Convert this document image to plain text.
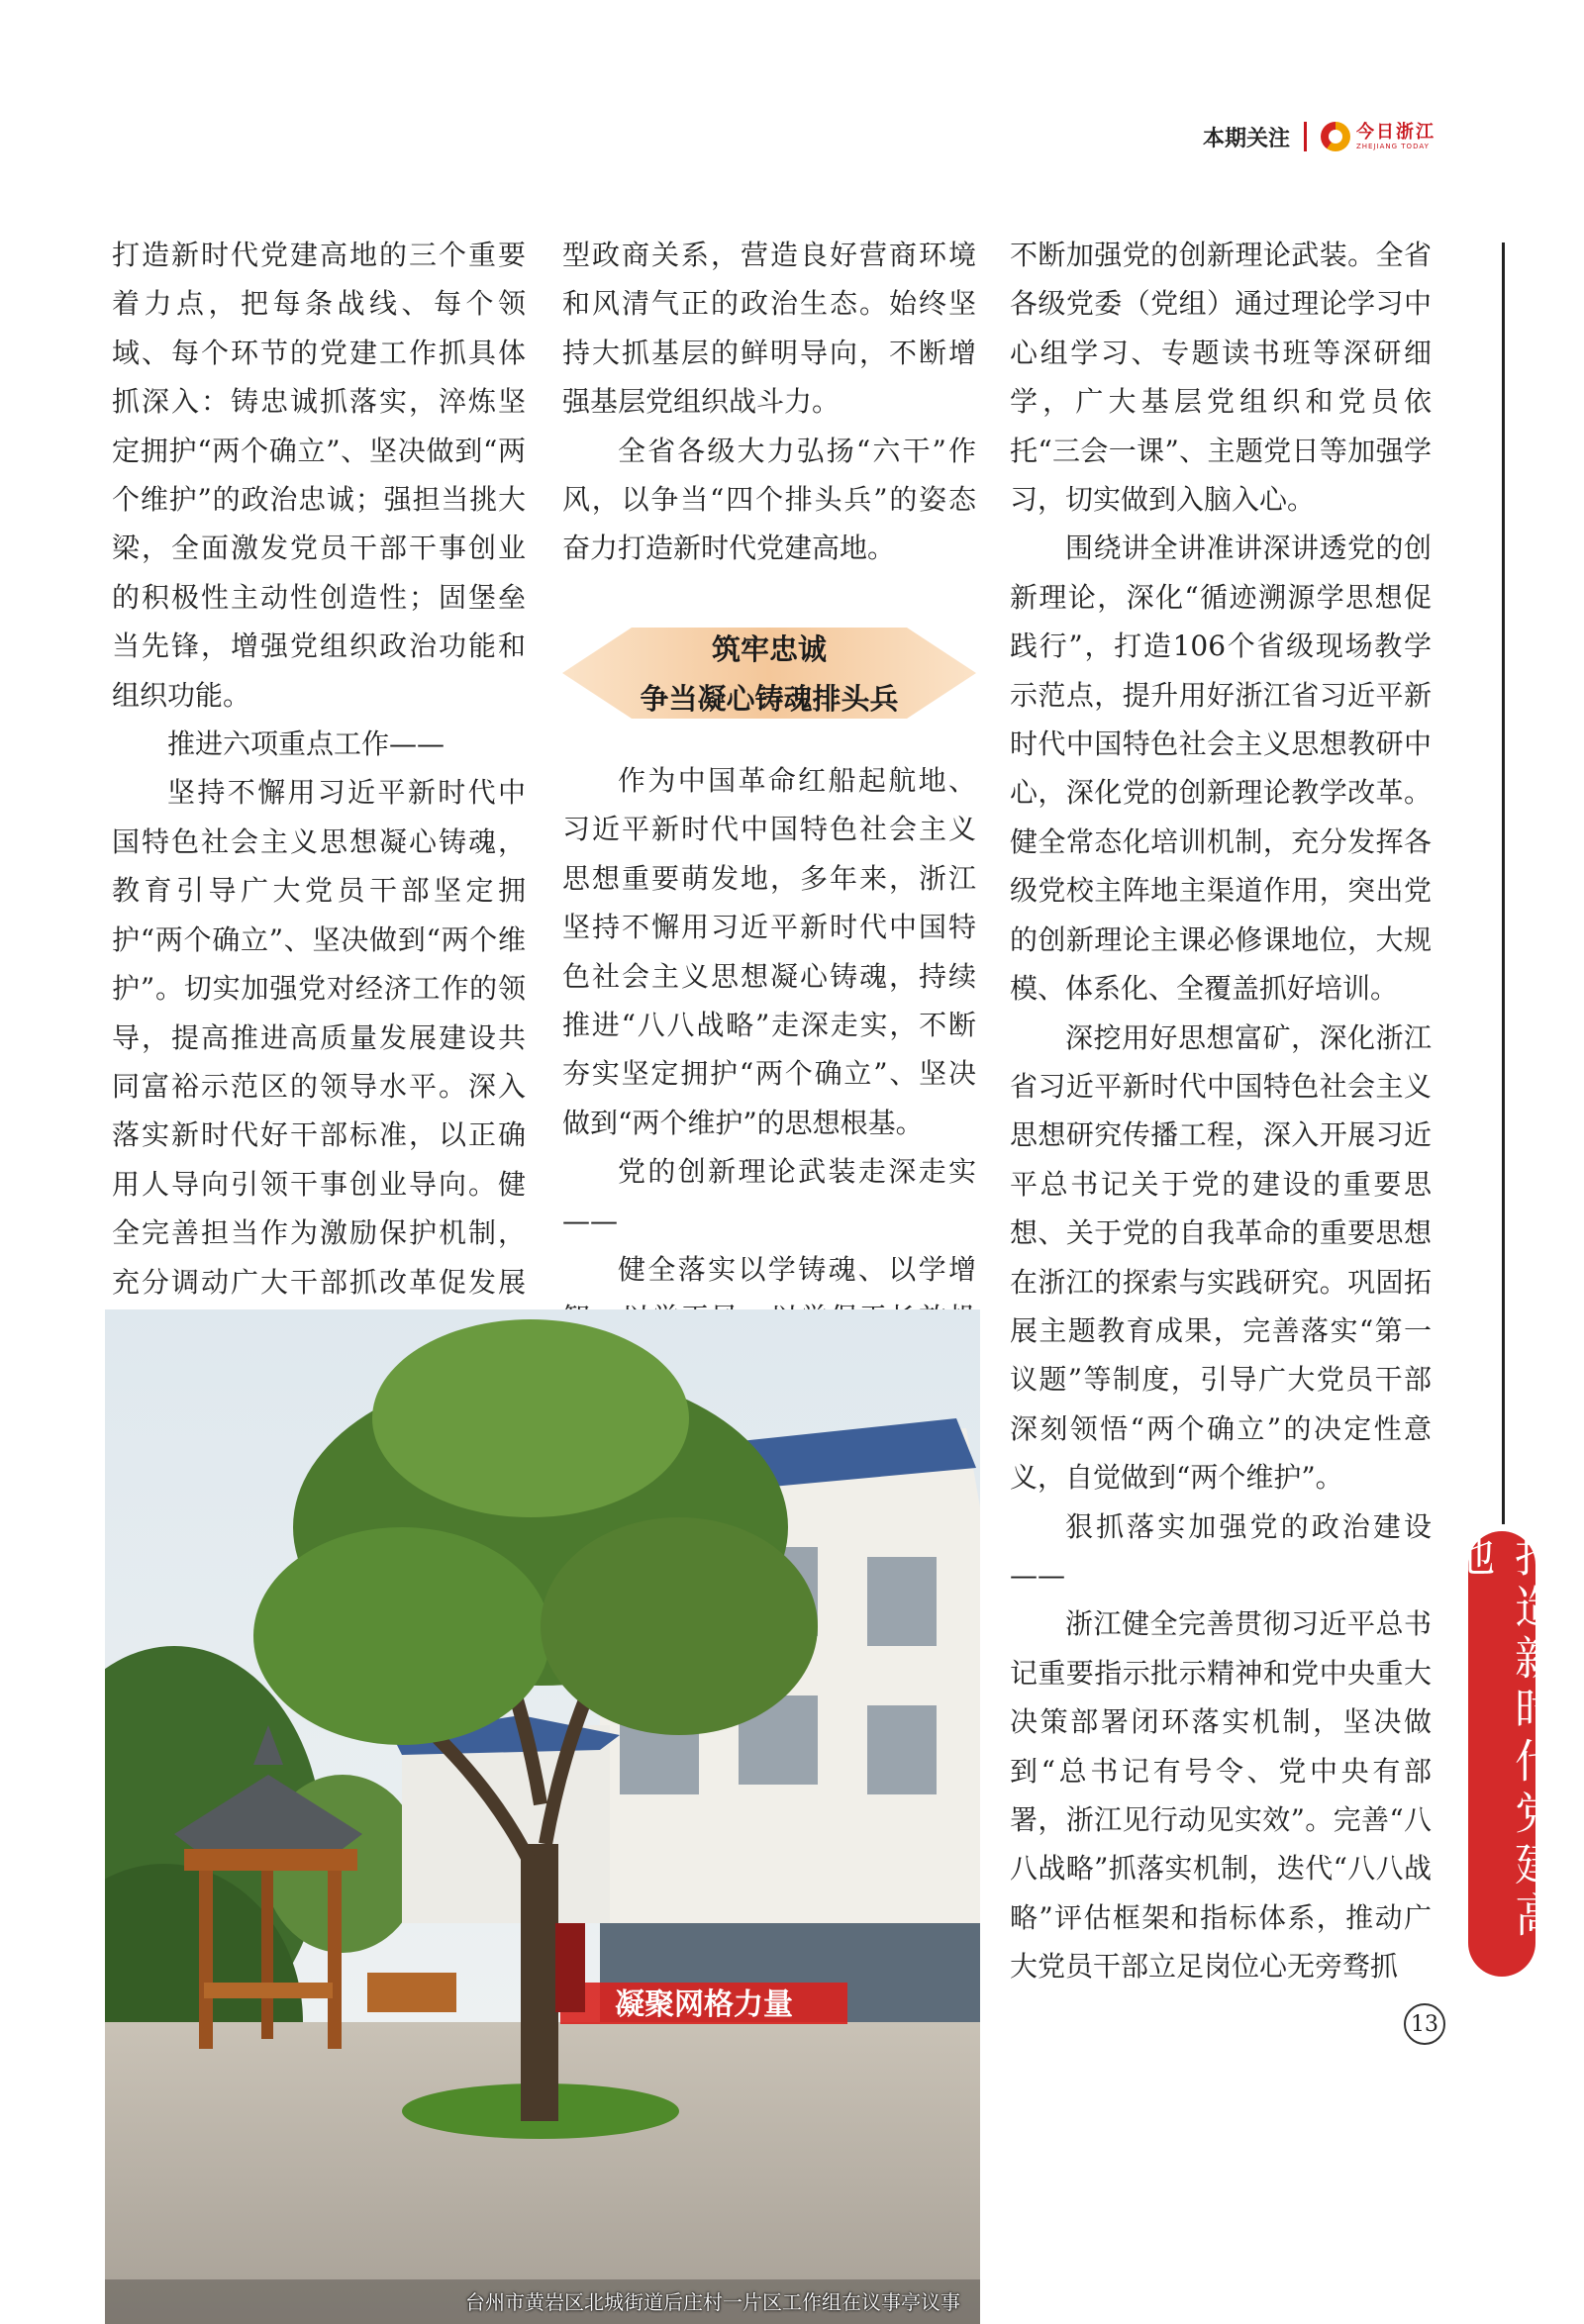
本期关注	今日浙江
ZHEJIANG TODAY

打造新时代党建高地的三个重要着力点，把每条战线、每个领域、每个环节的党建工作抓具体抓深入：铸忠诚抓落实，淬炼坚定拥护“两个确立”、坚决做到“两个维护”的政治忠诚；强担当挑大梁，全面激发党员干部干事创业的积极性主动性创造性；固堡垒当先锋，增强党组织政治功能和组织功能。

推进六项重点工作——

坚持不懈用习近平新时代中国特色社会主义思想凝心铸魂，教育引导广大党员干部坚定拥护“两个确立”、坚决做到“两个维护”。切实加强党对经济工作的领导，提高推进高质量发展建设共同富裕示范区的领导水平。深入落实新时代好干部标准，以正确用人导向引领干事创业导向。健全完善担当作为激励保护机制，充分调动广大干部抓改革促发展

型政商关系，营造良好营商环境和风清气正的政治生态。始终坚持大抓基层的鲜明导向，不断增强基层党组织战斗力。

全省各级大力弘扬“六干”作风，以争当“四个排头兵”的姿态奋力打造新时代党建高地。

筑牢忠诚
争当凝心铸魂排头兵

作为中国革命红船起航地、习近平新时代中国特色社会主义思想重要萌发地，多年来，浙江坚持不懈用习近平新时代中国特色社会主义思想凝心铸魂，持续推进“八八战略”走深走实，不断夯实坚定拥护“两个确立”、坚决做到“两个维护”的思想根基。

党的创新理论武装走深走实——

健全落实以学铸魂、以学增

不断加强党的创新理论武装。全省各级党委（党组）通过理论学习中心组学习、专题读书班等深研细学，广大基层党组织和党员依托“三会一课”、主题党日等加强学习，切实做到入脑入心。

围绕讲全讲准讲深讲透党的创新理论，深化“循迹溯源学思想促践行”，打造106个省级现场教学示范点，提升用好浙江省习近平新时代中国特色社会主义思想教研中心，深化党的创新理论教学改革。健全常态化培训机制，充分发挥各级党校主阵地主渠道作用，突出党的创新理论主课必修课地位，大规模、体系化、全覆盖抓好培训。

深挖用好思想富矿，深化浙江省习近平新时代中国特色社会主义思想研究传播工程，深入开展习近平总书记关于党的建设的重要思想、关于党的自我革命的重要思想在浙江的探索与实践研究。巩固拓展主题教育成果，完善落实“第一议题”等制度，引导广大党员干部深刻领悟“两个确立”的决定性意义，自觉做到“两个维护”。

狠抓落实加强党的政治建设——

浙江健全完善贯彻习近平总书记重要指示批示精神和党中央重大决策部署闭环落实机制，坚决做到“总书记有号令、党中央有部署，浙江见行动见实效”。完善“八八战略”抓落实机制，迭代“八八战略”评估框架和指标体系，推动广大党员干部立足岗位心无旁骛抓

凝聚网格力量
台州市黄岩区北城街道后庄村一片区工作组在议事亭议事
打造新时代党建高地
13
